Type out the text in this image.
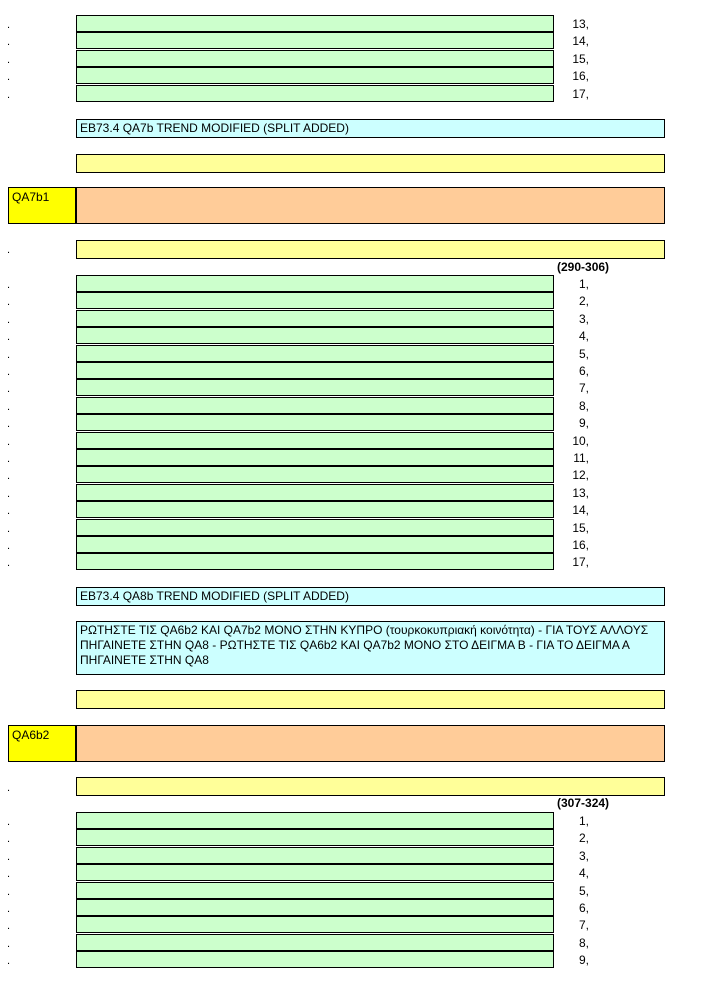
.	13,
.	14,
.	15,
.	16,
.	17,
EB73.4 QA7b TREND MODIFIED (SPLIT ADDED)
QA7b1
.
(290-306)
.	1,
.	2,
.	3,
.	4,
.	5,
.	6,
.	7,
.	8,
.	9,
.	10,
.	11,
.	12,
.	13,
.	14,
.	15,
.	16,
.	17,
EB73.4 QA8b TREND MODIFIED (SPLIT ADDED)
ΡΩΤΗΣΤΕ ΤΙΣ QA6b2 ΚΑΙ QA7b2 ΜΟΝΟ ΣΤΗΝ ΚΥΠΡΟ (τουρκοκυπριακή κοινότητα) - ΓΙΑ ΤΟΥΣ ΑΛΛΟΥΣ ΠΗΓΑΙΝΕΤΕ ΣΤΗΝ QA8 - ΡΩΤΗΣΤΕ ΤΙΣ QA6b2 ΚΑΙ QA7b2 ΜΟΝΟ ΣΤΟ ΔΕΙΓΜΑ Β - ΓΙΑ ΤΟ ΔΕΙΓΜΑ Α ΠΗΓΑΙΝΕΤΕ ΣΤΗΝ QA8
QA6b2
.
(307-324)
.	1,
.	2,
.	3,
.	4,
.	5,
.	6,
.	7,
.	8,
.	9,
